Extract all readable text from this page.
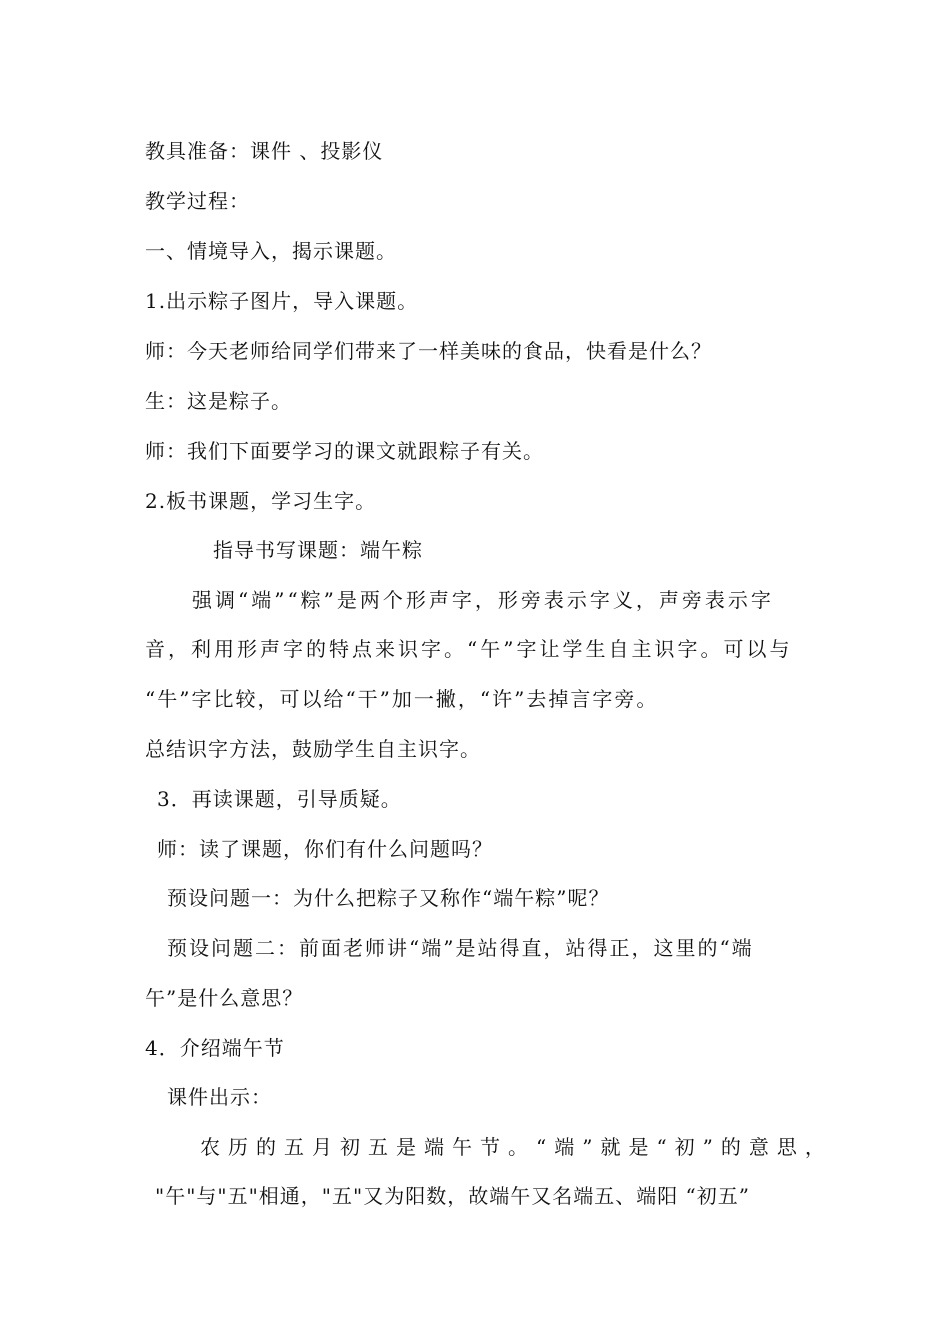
教具准备：课件 、投影仪
教学过程：
一、情境导入，揭示课题。
1.出示粽子图片，导入课题。
师：今天老师给同学们带来了一样美味的食品，快看是什么？
生：这是粽子。
师：我们下面要学习的课文就跟粽子有关。
2.板书课题，学习生字。
指导书写课题：端午粽
强调“端”“粽”是两个形声字，形旁表示字义，声旁表示字
音，利用形声字的特点来识字。“午”字让学生自主识字。可以与
“牛”字比较，可以给“干”加一撇，“许”去掉言字旁。
总结识字方法，鼓励学生自主识字。
3．再读课题，引导质疑。
师：读了课题，你们有什么问题吗？
预设问题一：为什么把粽子又称作“端午粽”呢？
预设问题二：前面老师讲“端”是站得直，站得正，这里的“端
午”是什么意思？
4．介绍端午节
课件出示：
农历的五月初五是端午节。“端”就是“初”的意思，
"午"与"五"相通，"五"又为阳数，故端午又名端五、端阳 “初五”
